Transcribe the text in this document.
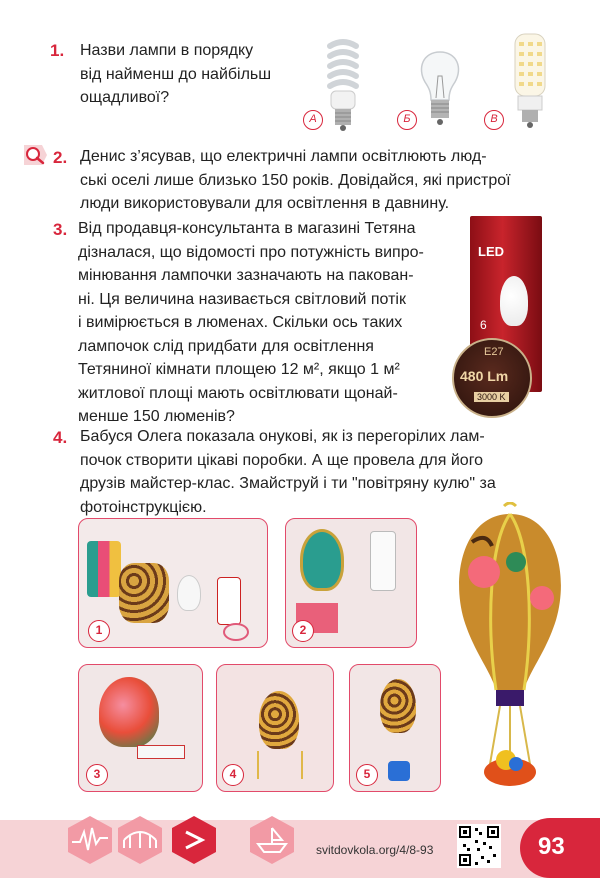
1. Назви лампи в порядку
від найменш до найбільш
ощадливої?
А	Б	В
2. Денис з’ясував, що електричні лампи освітлюють люд-
ські оселі лише близько 150 років. Довідайся, які пристрої
люди використовували для освітлення в давнину.
3. Від продавця-консультанта в магазині Тетяна
дізналася, що відомості про потужність випро-
мінювання лампочки зазначають на пакован-
ні. Ця величина називається світловий потік
і вимірюється в люменах. Скільки ось таких
лампочок слід придбати для освітлення
Тетяниної кімнати площею 12 м², якщо 1 м²
житлової площі мають освітлювати щонай-
менше 150 люменів?
LED
6
E27
480 Lm
3000 K
4. Бабуся Олега показала онукові, як із перегорілих лам-
почок створити цікаві поробки. А ще провела для його
друзів майстер-клас. Змайструй і ти "повітряну кулю" за
фотоінструкцією.
1	2
3	4	5
svitdovkola.org/4/8-93	93
